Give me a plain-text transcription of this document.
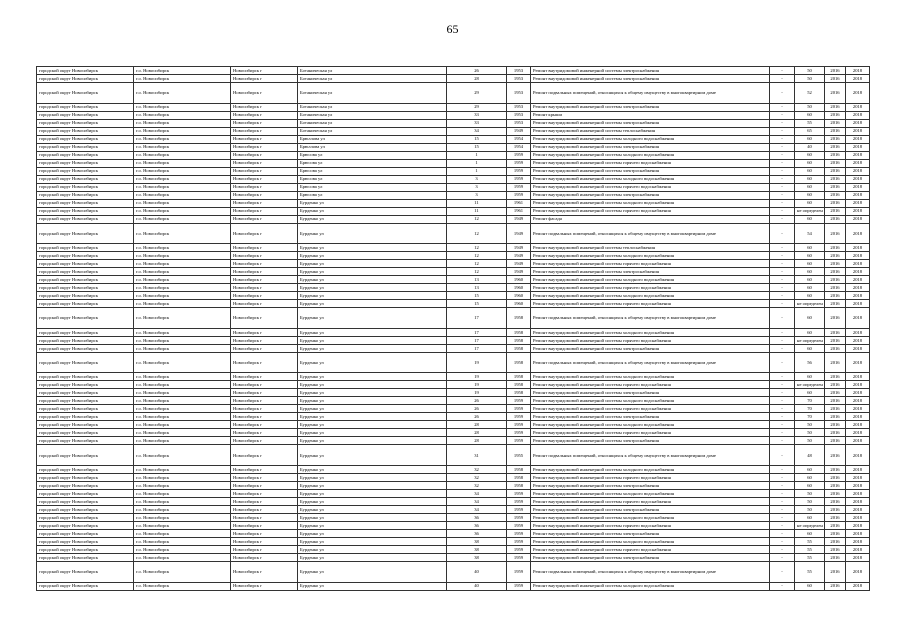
65
городской округ Новосибирск	г.о. Новосибирск	Новосибирск г	Ботаническая ул	26	1953	Ремонт внутридомовой инженерной системы электроснабжения	-	50	2016	2018
городской округ Новосибирск	г.о. Новосибирск	Новосибирск г	Ботаническая ул	28	1953	Ремонт внутридомовой инженерной системы электроснабжения	-	50	2016	2018
городской округ Новосибирск	г.о. Новосибирск	Новосибирск г	Ботаническая ул	29	1953	Ремонт подвальных помещений, относящихся к общему имуществу в многоквартирном доме	-	52	2016	2018
городской округ Новосибирск	г.о. Новосибирск	Новосибирск г	Ботаническая ул	29	1953	Ремонт внутридомовой инженерной системы электроснабжения	-	50	2016	2018
городской округ Новосибирск	г.о. Новосибирск	Новосибирск г	Ботаническая ул	33	1953	Ремонт крыши	-	60	2016	2018
городской округ Новосибирск	г.о. Новосибирск	Новосибирск г	Ботаническая ул	33	1953	Ремонт внутридомовой инженерной системы электроснабжения	-	55	2016	2018
городской округ Новосибирск	г.о. Новосибирск	Новосибирск г	Ботаническая ул	34	1949	Ремонт внутридомовой инженерной системы теплоснабжения	-	65	2016	2018
городской округ Новосибирск	г.о. Новосибирск	Новосибирск г	Брюллова ул	15	1954	Ремонт внутридомовой инженерной системы холодного водоснабжения	-	60	2016	2018
городской округ Новосибирск	г.о. Новосибирск	Новосибирск г	Брюллова ул	15	1954	Ремонт внутридомовой инженерной системы электроснабжения	-	40	2016	2018
городской округ Новосибирск	г.о. Новосибирск	Новосибирск г	Брюсова ул	1	1959	Ремонт внутридомовой инженерной системы холодного водоснабжения	-	60	2016	2018
городской округ Новосибирск	г.о. Новосибирск	Новосибирск г	Брюсова ул	1	1959	Ремонт внутридомовой инженерной системы горячего водоснабжения	-	60	2016	2018
городской округ Новосибирск	г.о. Новосибирск	Новосибирск г	Брюсова ул	1	1959	Ремонт внутридомовой инженерной системы электроснабжения	-	60	2016	2018
городской округ Новосибирск	г.о. Новосибирск	Новосибирск г	Брюсова ул	3	1959	Ремонт внутридомовой инженерной системы холодного водоснабжения	-	60	2016	2018
городской округ Новосибирск	г.о. Новосибирск	Новосибирск г	Брюсова ул	3	1959	Ремонт внутридомовой инженерной системы горячего водоснабжения	-	60	2016	2018
городской округ Новосибирск	г.о. Новосибирск	Новосибирск г	Брюсова ул	3	1959	Ремонт внутридомовой инженерной системы электроснабжения	-	60	2016	2018
городской округ Новосибирск	г.о. Новосибирск	Новосибирск г	Бурденко ул	11	1961	Ремонт внутридомовой инженерной системы холодного водоснабжения	-	60	2016	2018
городской округ Новосибирск	г.о. Новосибирск	Новосибирск г	Бурденко ул	11	1961	Ремонт внутридомовой инженерной системы горячего водоснабжения	-	не определен	2016	2018
городской округ Новосибирск	г.о. Новосибирск	Новосибирск г	Бурденко ул	12	1949	Ремонт фасада	-	60	2016	2018
городской округ Новосибирск	г.о. Новосибирск	Новосибирск г	Бурденко ул	12	1949	Ремонт подвальных помещений, относящихся к общему имуществу в многоквартирном доме	-	54	2016	2018
городской округ Новосибирск	г.о. Новосибирск	Новосибирск г	Бурденко ул	12	1949	Ремонт внутридомовой инженерной системы теплоснабжения	-	60	2016	2018
городской округ Новосибирск	г.о. Новосибирск	Новосибирск г	Бурденко ул	12	1949	Ремонт внутридомовой инженерной системы холодного водоснабжения	-	60	2016	2018
городской округ Новосибирск	г.о. Новосибирск	Новосибирск г	Бурденко ул	12	1949	Ремонт внутридомовой инженерной системы горячего водоснабжения	-	60	2016	2018
городской округ Новосибирск	г.о. Новосибирск	Новосибирск г	Бурденко ул	12	1949	Ремонт внутридомовой инженерной системы электроснабжения	-	60	2016	2018
городской округ Новосибирск	г.о. Новосибирск	Новосибирск г	Бурденко ул	13	1960	Ремонт внутридомовой инженерной системы холодного водоснабжения	-	60	2016	2018
городской округ Новосибирск	г.о. Новосибирск	Новосибирск г	Бурденко ул	13	1960	Ремонт внутридомовой инженерной системы горячего водоснабжения	-	60	2016	2018
городской округ Новосибирск	г.о. Новосибирск	Новосибирск г	Бурденко ул	15	1960	Ремонт внутридомовой инженерной системы холодного водоснабжения	-	60	2016	2018
городской округ Новосибирск	г.о. Новосибирск	Новосибирск г	Бурденко ул	15	1960	Ремонт внутридомовой инженерной системы горячего водоснабжения	-	не определен	2016	2018
городской округ Новосибирск	г.о. Новосибирск	Новосибирск г	Бурденко ул	17	1958	Ремонт подвальных помещений, относящихся к общему имуществу в многоквартирном доме	-	60	2016	2018
городской округ Новосибирск	г.о. Новосибирск	Новосибирск г	Бурденко ул	17	1958	Ремонт внутридомовой инженерной системы холодного водоснабжения	-	60	2016	2018
городской округ Новосибирск	г.о. Новосибирск	Новосибирск г	Бурденко ул	17	1958	Ремонт внутридомовой инженерной системы горячего водоснабжения	-	не определен	2016	2018
городской округ Новосибирск	г.о. Новосибирск	Новосибирск г	Бурденко ул	17	1958	Ремонт внутридомовой инженерной системы электроснабжения	-	60	2016	2018
городской округ Новосибирск	г.о. Новосибирск	Новосибирск г	Бурденко ул	19	1958	Ремонт подвальных помещений, относящихся к общему имуществу в многоквартирном доме	-	56	2016	2018
городской округ Новосибирск	г.о. Новосибирск	Новосибирск г	Бурденко ул	19	1958	Ремонт внутридомовой инженерной системы холодного водоснабжения	-	60	2016	2018
городской округ Новосибирск	г.о. Новосибирск	Новосибирск г	Бурденко ул	19	1958	Ремонт внутридомовой инженерной системы горячего водоснабжения	-	не определен	2016	2018
городской округ Новосибирск	г.о. Новосибирск	Новосибирск г	Бурденко ул	19	1958	Ремонт внутридомовой инженерной системы электроснабжения	-	60	2016	2018
городской округ Новосибирск	г.о. Новосибирск	Новосибирск г	Бурденко ул	26	1959	Ремонт внутридомовой инженерной системы холодного водоснабжения	-	70	2016	2018
городской округ Новосибирск	г.о. Новосибирск	Новосибирск г	Бурденко ул	26	1959	Ремонт внутридомовой инженерной системы горячего водоснабжения	-	70	2016	2018
городской округ Новосибирск	г.о. Новосибирск	Новосибирск г	Бурденко ул	26	1959	Ремонт внутридомовой инженерной системы электроснабжения	-	70	2016	2018
городской округ Новосибирск	г.о. Новосибирск	Новосибирск г	Бурденко ул	28	1959	Ремонт внутридомовой инженерной системы холодного водоснабжения	-	50	2016	2018
городской округ Новосибирск	г.о. Новосибирск	Новосибирск г	Бурденко ул	28	1959	Ремонт внутридомовой инженерной системы горячего водоснабжения	-	50	2016	2018
городской округ Новосибирск	г.о. Новосибирск	Новосибирск г	Бурденко ул	28	1959	Ремонт внутридомовой инженерной системы электроснабжения	-	50	2016	2018
городской округ Новосибирск	г.о. Новосибирск	Новосибирск г	Бурденко ул	31	1955	Ремонт подвальных помещений, относящихся к общему имуществу в многоквартирном доме	-	48	2016	2018
городской округ Новосибирск	г.о. Новосибирск	Новосибирск г	Бурденко ул	32	1958	Ремонт внутридомовой инженерной системы холодного водоснабжения	-	60	2016	2018
городской округ Новосибирск	г.о. Новосибирск	Новосибирск г	Бурденко ул	32	1958	Ремонт внутридомовой инженерной системы горячего водоснабжения	-	60	2016	2018
городской округ Новосибирск	г.о. Новосибирск	Новосибирск г	Бурденко ул	32	1958	Ремонт внутридомовой инженерной системы электроснабжения	-	60	2016	2018
городской округ Новосибирск	г.о. Новосибирск	Новосибирск г	Бурденко ул	34	1959	Ремонт внутридомовой инженерной системы холодного водоснабжения	-	50	2016	2018
городской округ Новосибирск	г.о. Новосибирск	Новосибирск г	Бурденко ул	34	1959	Ремонт внутридомовой инженерной системы горячего водоснабжения	-	50	2016	2018
городской округ Новосибирск	г.о. Новосибирск	Новосибирск г	Бурденко ул	34	1959	Ремонт внутридомовой инженерной системы электроснабжения	-	50	2016	2018
городской округ Новосибирск	г.о. Новосибирск	Новосибирск г	Бурденко ул	36	1959	Ремонт внутридомовой инженерной системы холодного водоснабжения	-	60	2016	2018
городской округ Новосибирск	г.о. Новосибирск	Новосибирск г	Бурденко ул	36	1959	Ремонт внутридомовой инженерной системы горячего водоснабжения	-	не определен	2016	2018
городской округ Новосибирск	г.о. Новосибирск	Новосибирск г	Бурденко ул	36	1959	Ремонт внутридомовой инженерной системы электроснабжения	-	60	2016	2018
городской округ Новосибирск	г.о. Новосибирск	Новосибирск г	Бурденко ул	38	1959	Ремонт внутридомовой инженерной системы холодного водоснабжения	-	55	2016	2018
городской округ Новосибирск	г.о. Новосибирск	Новосибирск г	Бурденко ул	38	1959	Ремонт внутридомовой инженерной системы горячего водоснабжения	-	55	2016	2018
городской округ Новосибирск	г.о. Новосибирск	Новосибирск г	Бурденко ул	38	1959	Ремонт внутридомовой инженерной системы электроснабжения	-	55	2016	2018
городской округ Новосибирск	г.о. Новосибирск	Новосибирск г	Бурденко ул	40	1959	Ремонт подвальных помещений, относящихся к общему имуществу в многоквартирном доме	-	55	2016	2018
городской округ Новосибирск	г.о. Новосибирск	Новосибирск г	Бурденко ул	40	1959	Ремонт внутридомовой инженерной системы холодного водоснабжения	-	60	2016	2018
